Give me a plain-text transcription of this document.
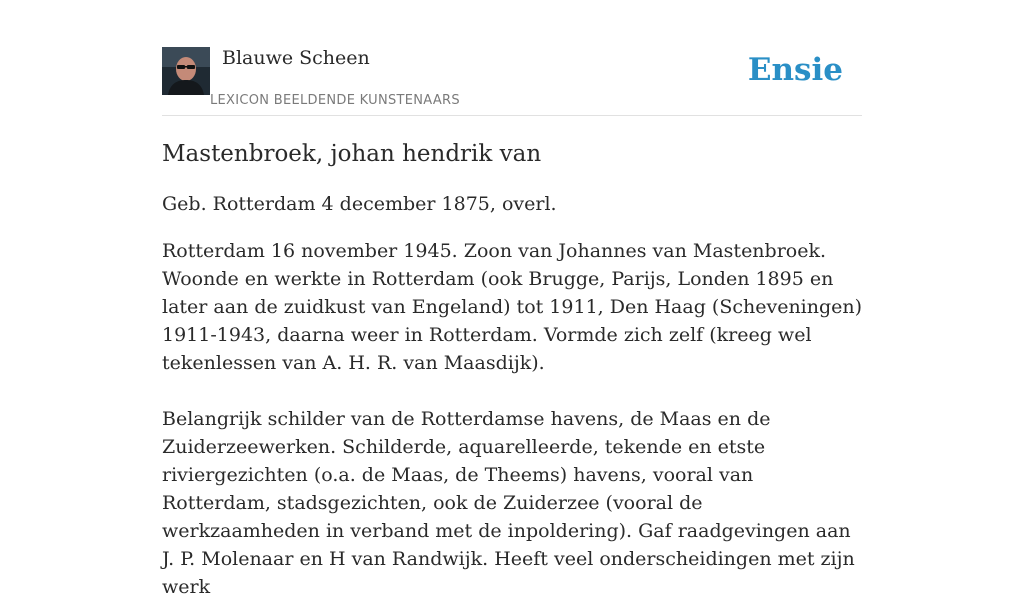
Blauwe Scheen
LEXICON BEELDENDE KUNSTENAARS
Ensie
Mastenbroek, johan hendrik van

Geb. Rotterdam 4 december 1875, overl.

Rotterdam 16 november 1945. Zoon van Johannes van Mastenbroek. Woonde en werkte in Rotterdam (ook Brugge, Parijs, Londen 1895 en later aan de zuidkust van Engeland) tot 1911, Den Haag (Scheveningen) 1911-1943, daarna weer in Rotterdam. Vormde zich zelf (kreeg wel tekenlessen van A. H. R. van Maasdijk).

Belangrijk schilder van de Rotterdamse havens, de Maas en de Zuiderzeewerken. Schilderde, aquarelleerde, tekende en etste riviergezichten (o.a. de Maas, de Theems) havens, vooral van Rotterdam, stadsgezichten, ook de Zuiderzee (vooral de werkzaamheden in verband met de inpoldering). Gaf raadgevingen aan J. P. Molenaar en H van Randwijk. Heeft veel onderscheidingen met zijn werk
